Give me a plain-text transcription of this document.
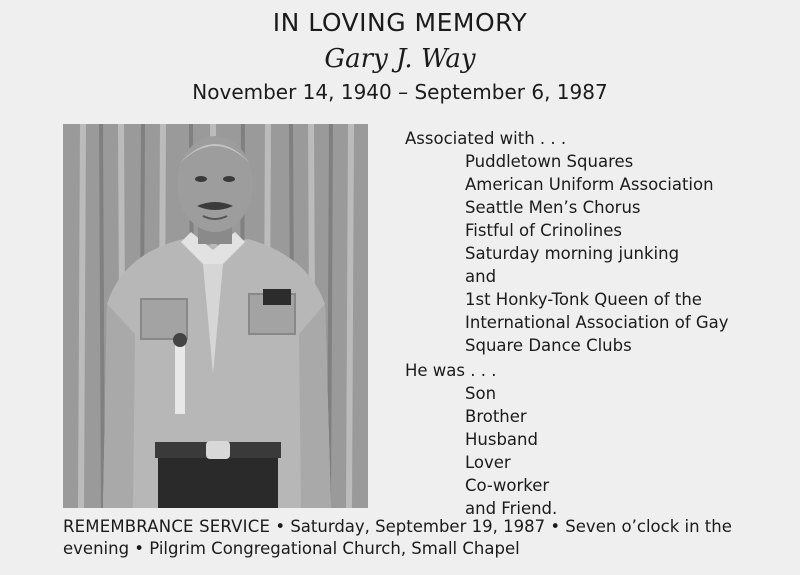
IN LOVING MEMORY
Gary J. Way
November 14, 1940 – September 6, 1987

Associated with . . .

Puddletown Squares

American Uniform Association

Seattle Men’s Chorus

Fistful of Crinolines

Saturday morning junking

and

1st Honky-Tonk Queen of the

International Association of Gay

Square Dance Clubs

He was . . .

Son

Brother

Husband

Lover

Co-worker

and Friend.

REMEMBRANCE SERVICE • Saturday, September 19, 1987 • Seven o’clock in the
evening • Pilgrim Congregational Church, Small Chapel
